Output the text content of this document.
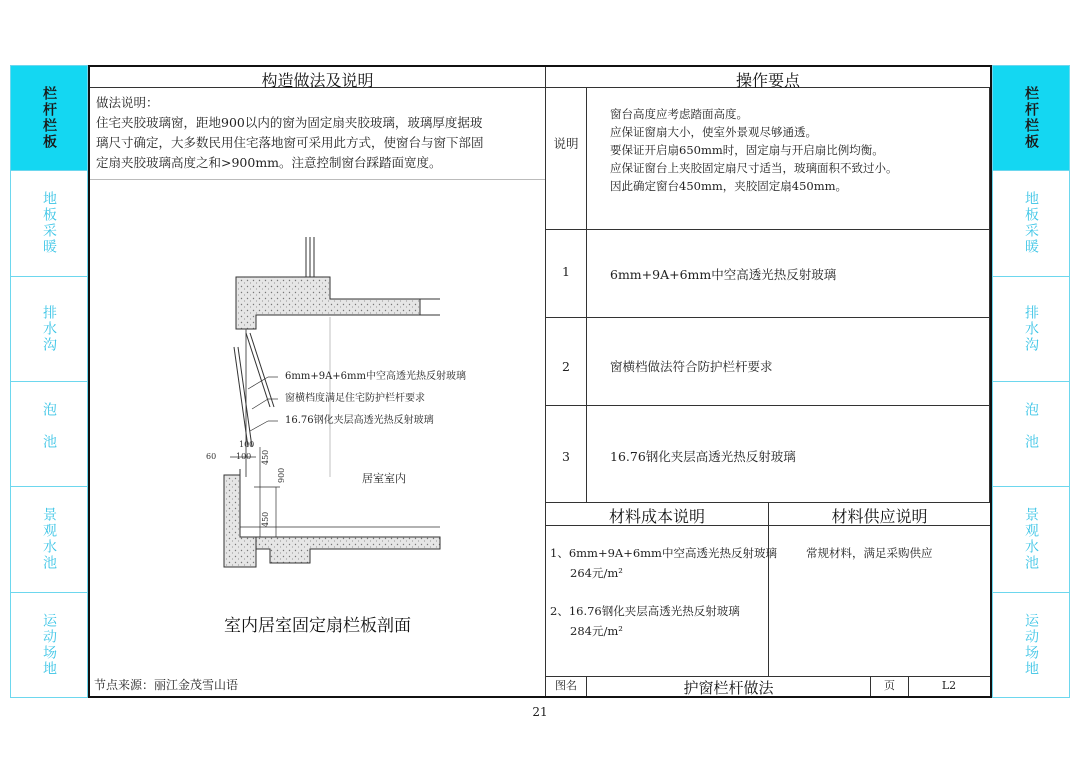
栏杆栏板
地板采暖
排水沟
泡池
景观水池
运动场地
栏杆栏板
地板采暖
排水沟
泡池
景观水池
运动场地
构造做法及说明
做法说明：
住宅夹胶玻璃窗，距地900以内的窗为固定扇夹胶玻璃，玻璃厚度据玻
璃尺寸确定，大多数民用住宅落地窗可采用此方式，使窗台与窗下部固
定扇夹胶玻璃高度之和>900mm。注意控制窗台踩踏面宽度。
100
60 100 450
900
450
6mm+9A+6mm中空高透光热反射玻璃
窗横档度满足住宅防护栏杆要求
16.76钢化夹层高透光热反射玻璃
居室室内
室内居室固定扇栏板剖面
节点来源：丽江金茂雪山语
操作要点
说明
窗台高度应考虑踏面高度。
应保证窗扇大小，使室外景观尽够通透。
要保证开启扇650mm时，固定扇与开启扇比例均衡。
应保证窗台上夹胶固定扇尺寸适当，玻璃面积不致过小。
因此确定窗台450mm，夹胶固定扇450mm。
1	6mm+9A+6mm中空高透光热反射玻璃
2	窗横档做法符合防护栏杆要求
3	16.76钢化夹层高透光热反射玻璃
材料成本说明	材料供应说明
1、6mm+9A+6mm中空高透光热反射玻璃
264元/m²
2、16.76钢化夹层高透光热反射玻璃
284元/m²
常规材料，满足采购供应
图名	护窗栏杆做法	页	L2
21
